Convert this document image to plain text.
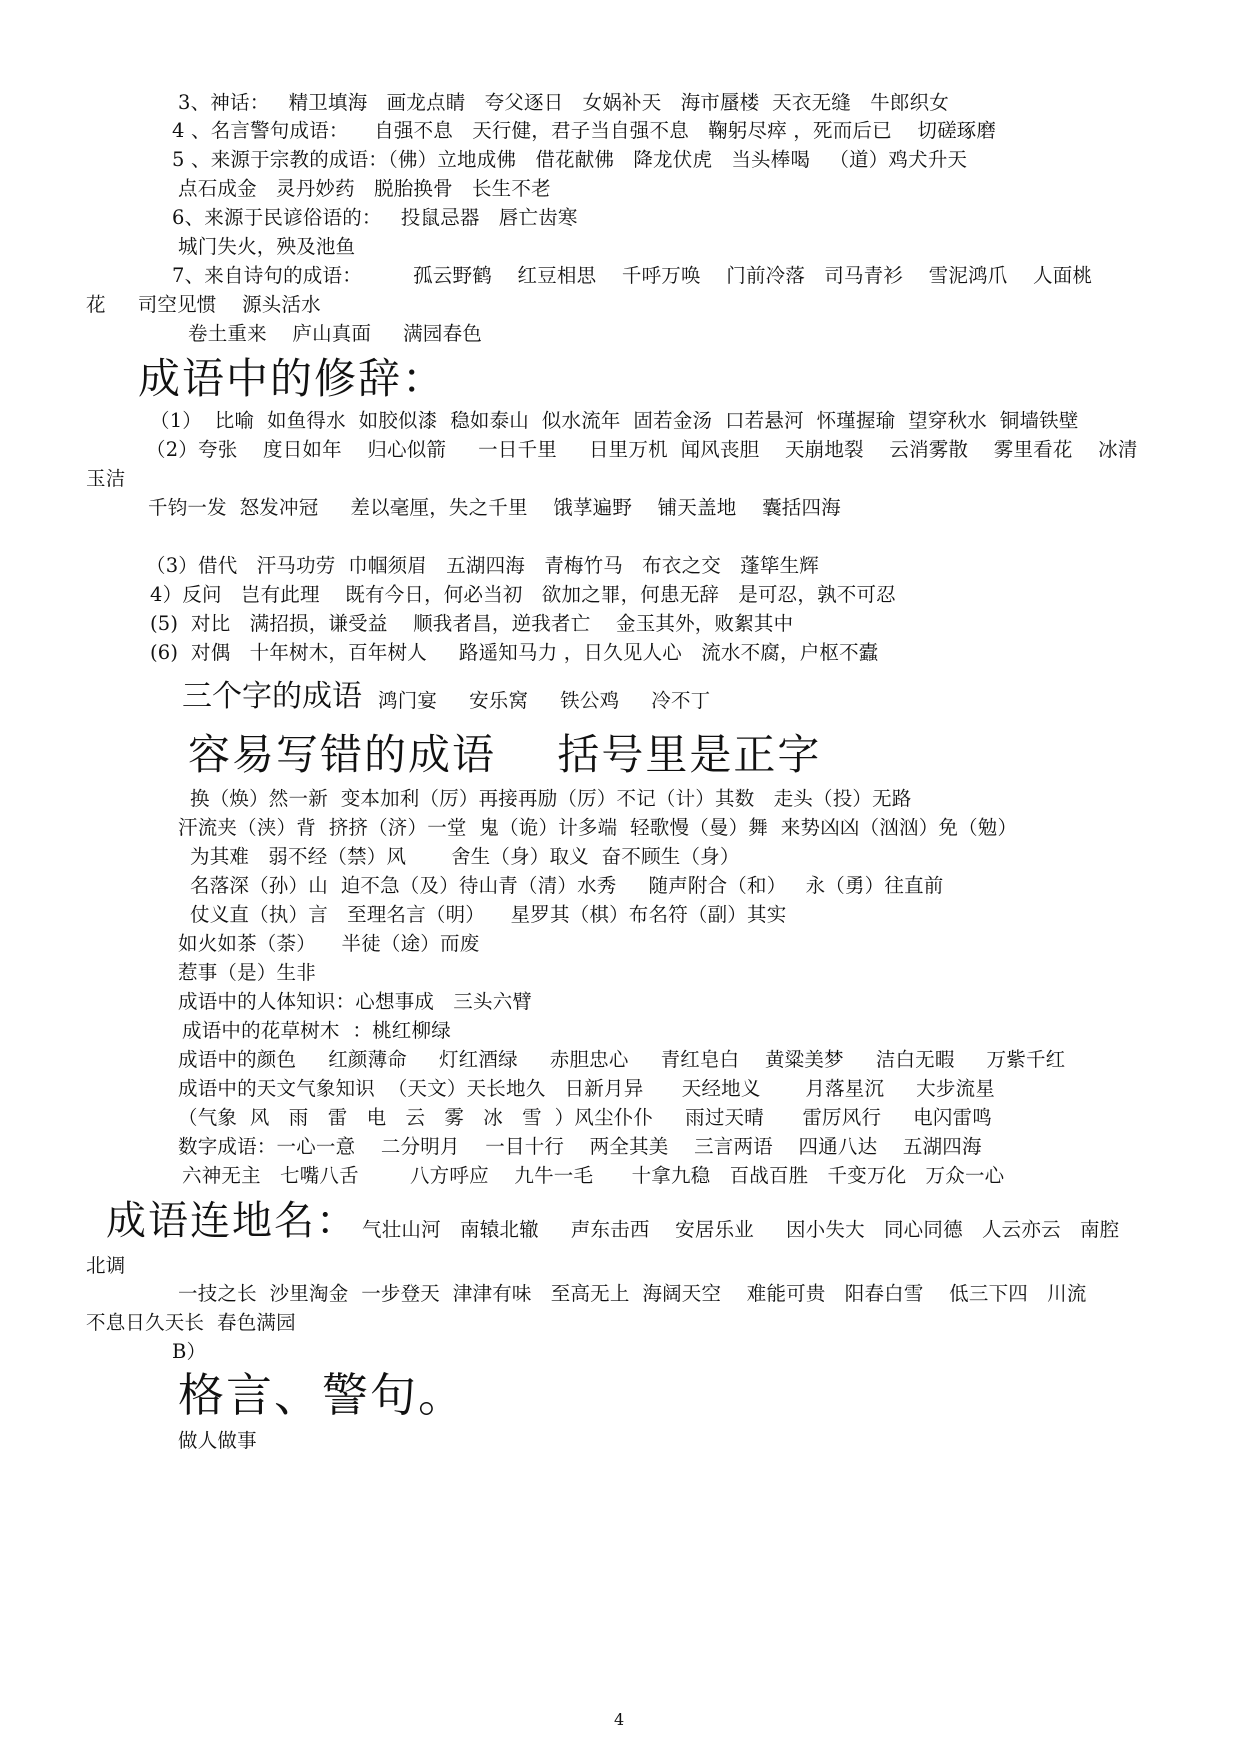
3、神话：   精卫填海   画龙点睛   夸父逐日   女娲补天   海市蜃楼  天衣无缝   牛郎织女
4 、名言警句成语：    自强不息   天行健，君子当自强不息   鞠躬尽瘁 ，死而后已    切磋琢磨
5 、来源于宗教的成语：（佛）立地成佛   借花献佛   降龙伏虎   当头棒喝   （道）鸡犬升天
点石成金   灵丹妙药   脱胎换骨   长生不老
6、来源于民谚俗语的：   投鼠忌器   唇亡齿寒
城门失火，殃及池鱼
7、来自诗句的成语：        孤云野鹤    红豆相思    千呼万唤    门前冷落   司马青衫    雪泥鸿爪    人面桃
花     司空见惯    源头活水
卷土重来    庐山真面     满园春色
成语中的修辞：
（1）  比喻  如鱼得水  如胶似漆  稳如泰山  似水流年  固若金汤  口若悬河  怀瑾握瑜  望穿秋水  铜墙铁壁
（2）夸张    度日如年    归心似箭     一日千里     日里万机  闻风丧胆    天崩地裂    云消雾散    雾里看花    冰清
玉洁
千钧一发  怒发冲冠     差以毫厘，失之千里    饿莩遍野    铺天盖地    囊括四海
（3）借代   汗马功劳  巾帼须眉   五湖四海   青梅竹马   布衣之交   蓬筚生辉
4）反问   岂有此理    既有今日，何必当初   欲加之罪，何患无辞   是可忍，孰不可忍
(5)  对比   满招损，谦受益    顺我者昌，逆我者亡    金玉其外，败絮其中
(6)  对偶   十年树木，百年树人     路遥知马力 ，日久见人心   流水不腐，户枢不蠹
三个字的成语 鸿门宴     安乐窝     铁公鸡     冷不丁
容易写错的成语    括号里是正字
换（焕）然一新  变本加利（厉）再接再励（厉）不记（计）其数   走头（投）无路
汗流夹（浃）背  挤挤（济）一堂  鬼（诡）计多端  轻歌慢（曼）舞  来势凶凶（汹汹）免（勉）
为其难   弱不经（禁）风       舍生（身）取义  奋不顾生（身）
名落深（孙）山  迫不急（及）待山青（清）水秀     随声附合（和）   永（勇）往直前
仗义直（执）言   至理名言（明）    星罗其（棋）布名符（副）其实
如火如茶（荼）    半徒（途）而废
惹事（是）生非
成语中的人体知识：心想事成   三头六臂
成语中的花草树木  ：桃红柳绿
成语中的颜色     红颜薄命     灯红酒绿     赤胆忠心     青红皂白    黄粱美梦     洁白无暇     万紫千红
成语中的天文气象知识  （天文）天长地久   日新月异      天经地义       月落星沉     大步流星
（气象  风   雨   雷   电   云   雾   冰   雪  ）风尘仆仆     雨过天晴      雷厉风行     电闪雷鸣
数字成语：一心一意    二分明月    一目十行    两全其美    三言两语    四通八达    五湖四海
六神无主   七嘴八舌        八方呼应    九牛一毛      十拿九稳   百战百胜   千变万化   万众一心
成语连地名： 气壮山河   南辕北辙     声东击西    安居乐业     因小失大   同心同德   人云亦云   南腔
北调
一技之长  沙里淘金  一步登天  津津有味   至高无上  海阔天空    难能可贵   阳春白雪    低三下四   川流
不息日久天长  春色满园
B）
格言、警句。
做人做事
4
